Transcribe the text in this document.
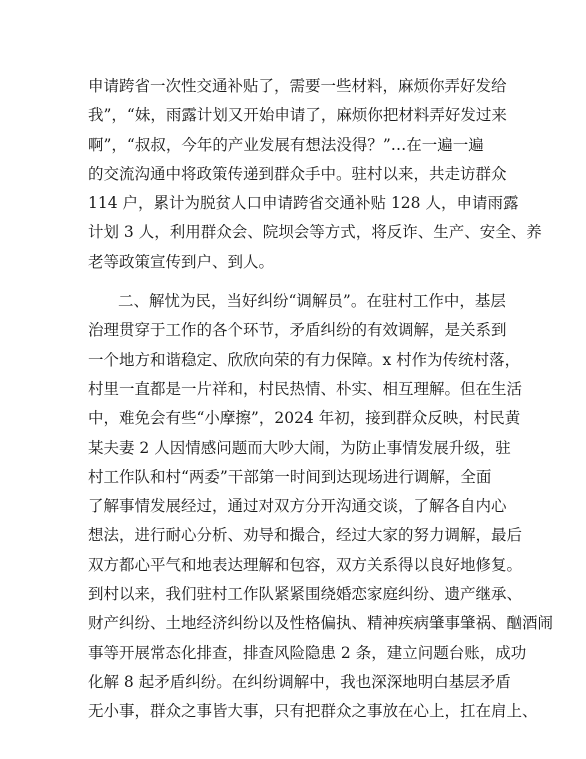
申请跨省一次性交通补贴了，需要一些材料，麻烦你弄好发给
我”，“妹，雨露计划又开始申请了，麻烦你把材料弄好发过来
啊”，“叔叔，今年的产业发展有想法没得？”…在一遍一遍
的交流沟通中将政策传递到群众手中。驻村以来，共走访群众
114 户，累计为脱贫人口申请跨省交通补贴 128 人，申请雨露
计划 3 人，利用群众会、院坝会等方式，将反诈、生产、安全、养
老等政策宣传到户、到人。
二、解忧为民，当好纠纷“调解员”。在驻村工作中，基层
治理贯穿于工作的各个环节，矛盾纠纷的有效调解，是关系到
一个地方和谐稳定、欣欣向荣的有力保障。x 村作为传统村落，
村里一直都是一片祥和，村民热情、朴实、相互理解。但在生活
中，难免会有些“小摩擦”，2024 年初，接到群众反映，村民黄
某夫妻 2 人因情感问题而大吵大闹，为防止事情发展升级，驻
村工作队和村“两委”干部第一时间到达现场进行调解，全面
了解事情发展经过，通过对双方分开沟通交谈，了解各自内心
想法，进行耐心分析、劝导和撮合，经过大家的努力调解，最后
双方都心平气和地表达理解和包容，双方关系得以良好地修复。
到村以来，我们驻村工作队紧紧围绕婚恋家庭纠纷、遗产继承、
财产纠纷、土地经济纠纷以及性格偏执、精神疾病肇事肇祸、酗酒闹
事等开展常态化排查，排查风险隐患 2 条，建立问题台账，成功
化解 8 起矛盾纠纷。在纠纷调解中，我也深深地明白基层矛盾
无小事，群众之事皆大事，只有把群众之事放在心上，扛在肩上、
